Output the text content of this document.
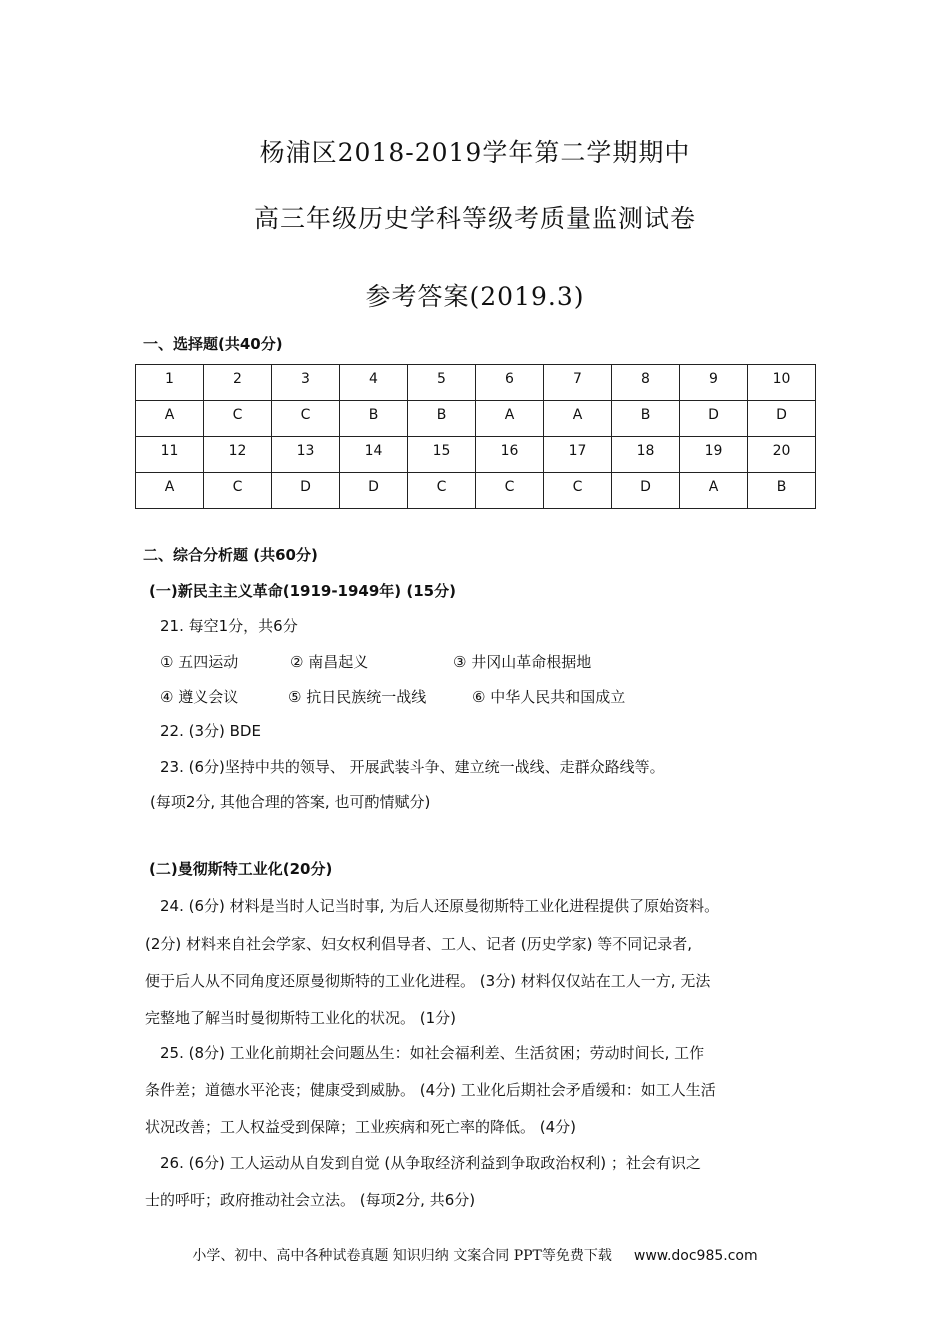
杨浦区2018-2019学年第二学期期中
高三年级历史学科等级考质量监测试卷
参考答案(2019.3)
一、选择题(共40分)
1	2	3	4	5	6	7	8	9	10
A	C	C	B	B	A	A	B	D	D
11	12	13	14	15	16	17	18	19	20
A	C	D	D	C	C	C	D	A	B
二、综合分析题 (共60分)
(一)新民主主义革命(1919-1949年) (15分)
21. 每空1分，共6分
① 五四运动	② 南昌起义	③ 井冈山革命根据地
④ 遵义会议	⑤ 抗日民族统一战线	⑥ 中华人民共和国成立
22. (3分) BDE
23. (6分)坚持中共的领导、 开展武装斗争、建立统一战线、走群众路线等。
(每项2分, 其他合理的答案, 也可酌情赋分)
(二)曼彻斯特工业化(20分)
24. (6分) 材料是当时人记当时事, 为后人还原曼彻斯特工业化进程提供了原始资料。
(2分) 材料来自社会学家、妇女权利倡导者、工人、记者 (历史学家) 等不同记录者,
便于后人从不同角度还原曼彻斯特的工业化进程。 (3分) 材料仅仅站在工人一方, 无法
完整地了解当时曼彻斯特工业化的状况。 (1分)
25. (8分) 工业化前期社会问题丛生：如社会福利差、生活贫困；劳动时间长, 工作
条件差；道德水平沦丧；健康受到威胁。 (4分) 工业化后期社会矛盾缓和：如工人生活
状况改善；工人权益受到保障；工业疾病和死亡率的降低。 (4分)
26. (6分) 工人运动从自发到自觉 (从争取经济利益到争取政治权利) ；社会有识之
士的呼吁；政府推动社会立法。 (每项2分, 共6分)
小学、初中、高中各种试卷真题 知识归纳 文案合同 PPT等免费下载 www.doc985.com
